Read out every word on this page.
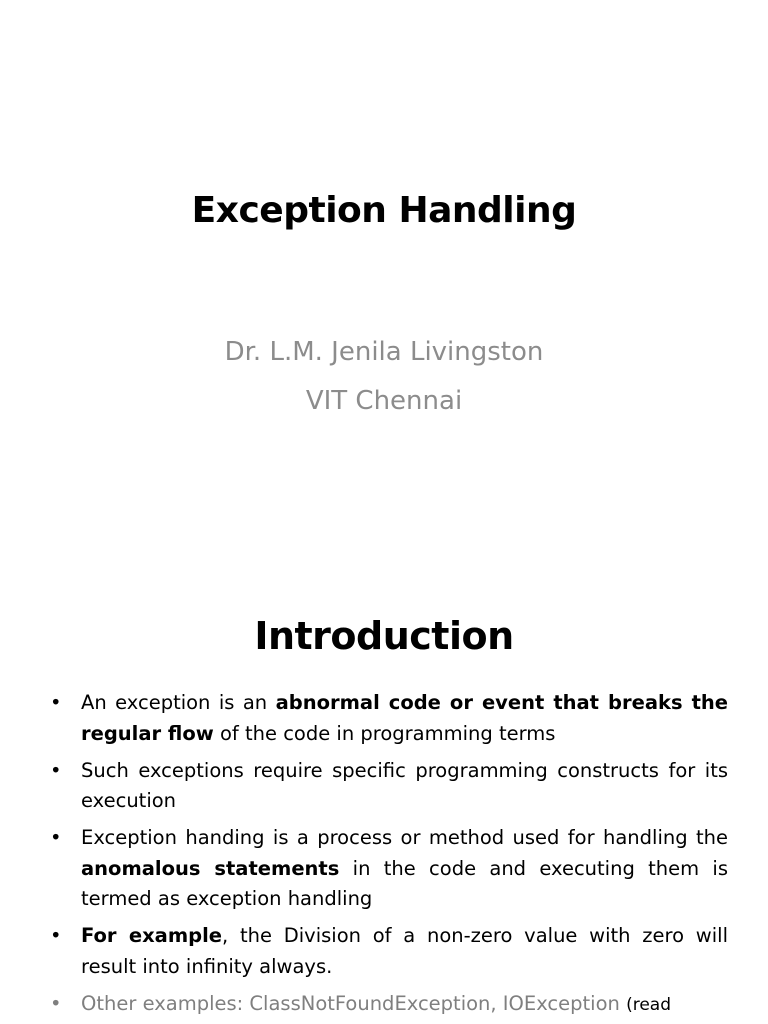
Exception Handling
Dr. L.M. Jenila Livingston
VIT Chennai
Introduction
• An exception is an abnormal code or event that breaks the regular flow of the code in programming terms
• Such exceptions require specific programming constructs for its execution
• Exception handing is a process or method used for handling the anomalous statements in the code and executing them is termed as exception handling
• For example, the Division of a non-zero value with zero will result into infinity always.
• Other examples: ClassNotFoundException, IOException (read
